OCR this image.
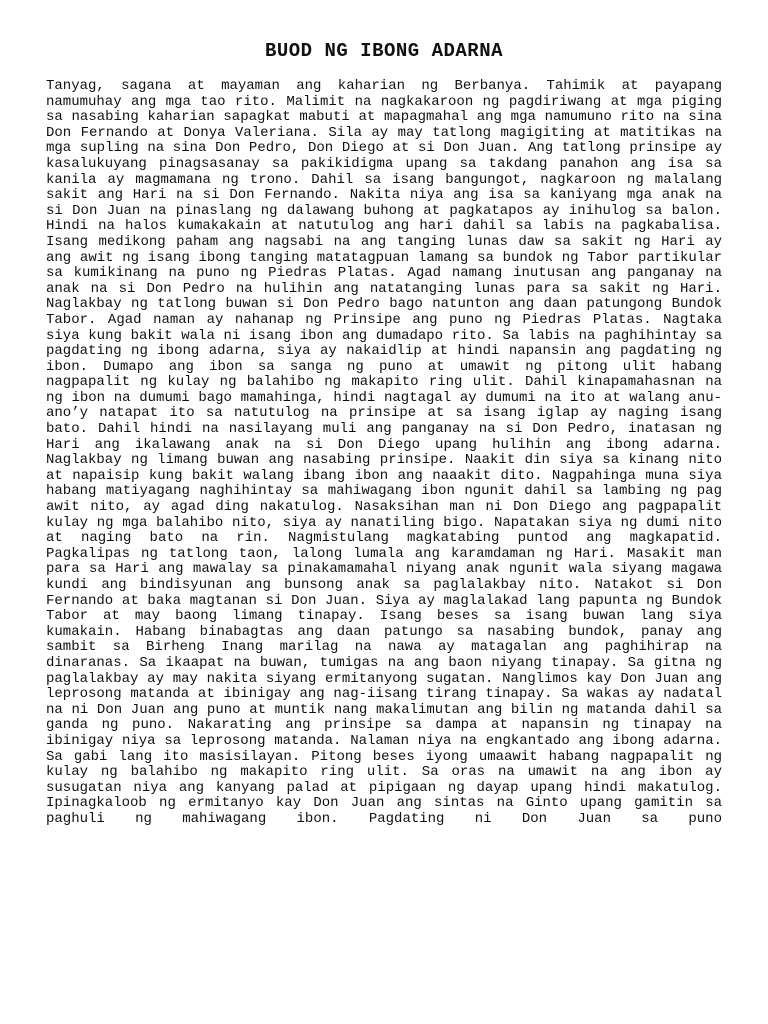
BUOD NG IBONG ADARNA
Tanyag, sagana at mayaman ang kaharian ng Berbanya. Tahimik at payapang namumuhay ang mga tao rito. Malimit na nagkakaroon ng pagdiriwang at mga piging sa nasabing kaharian sapagkat mabuti at mapagmahal ang mga namumuno rito na sina Don Fernando at Donya Valeriana. Sila ay may tatlong magigiting at matitikas na mga supling na sina Don Pedro, Don Diego at si Don Juan. Ang tatlong prinsipe ay kasalukuyang pinagsasanay sa pakikidigma upang sa takdang panahon ang isa sa kanila ay magmamana ng trono. Dahil sa isang bangungot, nagkaroon ng malalang sakit ang Hari na si Don Fernando. Nakita niya ang isa sa kaniyang mga anak na si Don Juan na pinaslang ng dalawang buhong at pagkatapos ay inihulog sa balon. Hindi na halos kumakakain at natutulog ang hari dahil sa labis na pagkabalisa. Isang medikong paham ang nagsabi na ang tanging lunas daw sa sakit ng Hari ay ang awit ng isang ibong tanging matatagpuan lamang sa bundok ng Tabor partikular sa kumikinang na puno ng Piedras Platas. Agad namang inutusan ang panganay na anak na si Don Pedro na hulihin ang natatanging lunas para sa sakit ng Hari. Naglakbay ng tatlong buwan si Don Pedro bago natunton ang daan patungong Bundok Tabor. Agad naman ay nahanap ng Prinsipe ang puno ng Piedras Platas. Nagtaka siya kung bakit wala ni isang ibon ang dumadapo rito. Sa labis na paghihintay sa pagdating ng ibong adarna, siya ay nakaidlip at hindi napansin ang pagdating ng ibon. Dumapo ang ibon sa sanga ng puno at umawit ng pitong ulit habang nagpapalit ng kulay ng balahibo ng makapito ring ulit. Dahil kinapamahasnan na ng ibon na dumumi bago mamahinga, hindi nagtagal ay dumumi na ito at walang anu-ano’y natapat ito sa natutulog na prinsipe at sa isang iglap ay naging isang bato. Dahil hindi na nasilayang muli ang panganay na si Don Pedro, inatasan ng Hari ang ikalawang anak na si Don Diego upang hulihin ang ibong adarna. Naglakbay ng limang buwan ang nasabing prinsipe. Naakit din siya sa kinang nito at napaisip kung bakit walang ibang ibon ang naaakit dito. Nagpahinga muna siya habang matiyagang naghihintay sa mahiwagang ibon ngunit dahil sa lambing ng pag awit nito, ay agad ding nakatulog. Nasaksihan man ni Don Diego ang pagpapalit kulay ng mga balahibo nito, siya ay nanatiling bigo. Napatakan siya ng dumi nito at naging bato na rin. Nagmistulang magkatabing puntod ang magkapatid. Pagkalipas ng tatlong taon, lalong lumala ang karamdaman ng Hari. Masakit man para sa Hari ang mawalay sa pinakamamahal niyang anak ngunit wala siyang magawa kundi ang bindisyunan ang bunsong anak sa paglalakbay nito. Natakot si Don Fernando at baka magtanan si Don Juan. Siya ay maglalakad lang papunta ng Bundok Tabor at may baong limang tinapay. Isang beses sa isang buwan lang siya kumakain. Habang binabagtas ang daan patungo sa nasabing bundok, panay ang sambit sa Birheng Inang marilag na nawa ay matagalan ang paghihirap na dinaranas. Sa ikaapat na buwan, tumigas na ang baon niyang tinapay. Sa gitna ng paglalakbay ay may nakita siyang ermitanyong sugatan. Nanglimos kay Don Juan ang leprosong matanda at ibinigay ang nag-iisang tirang tinapay. Sa wakas ay nadatal na ni Don Juan ang puno at muntik nang makalimutan ang bilin ng matanda dahil sa ganda ng puno. Nakarating ang prinsipe sa dampa at napansin ng tinapay na ibinigay niya sa leprosong matanda. Nalaman niya na engkantado ang ibong adarna. Sa gabi lang ito masisilayan. Pitong beses iyong umaawit habang nagpapalit ng kulay ng balahibo ng makapito ring ulit. Sa oras na umawit na ang ibon ay susugatan niya ang kanyang palad at pipigaan ng dayap upang hindi makatulog. Ipinagkaloob ng ermitanyo kay Don Juan ang sintas na Ginto upang gamitin sa paghuli ng mahiwagang ibon. Pagdating ni Don Juan sa puno
